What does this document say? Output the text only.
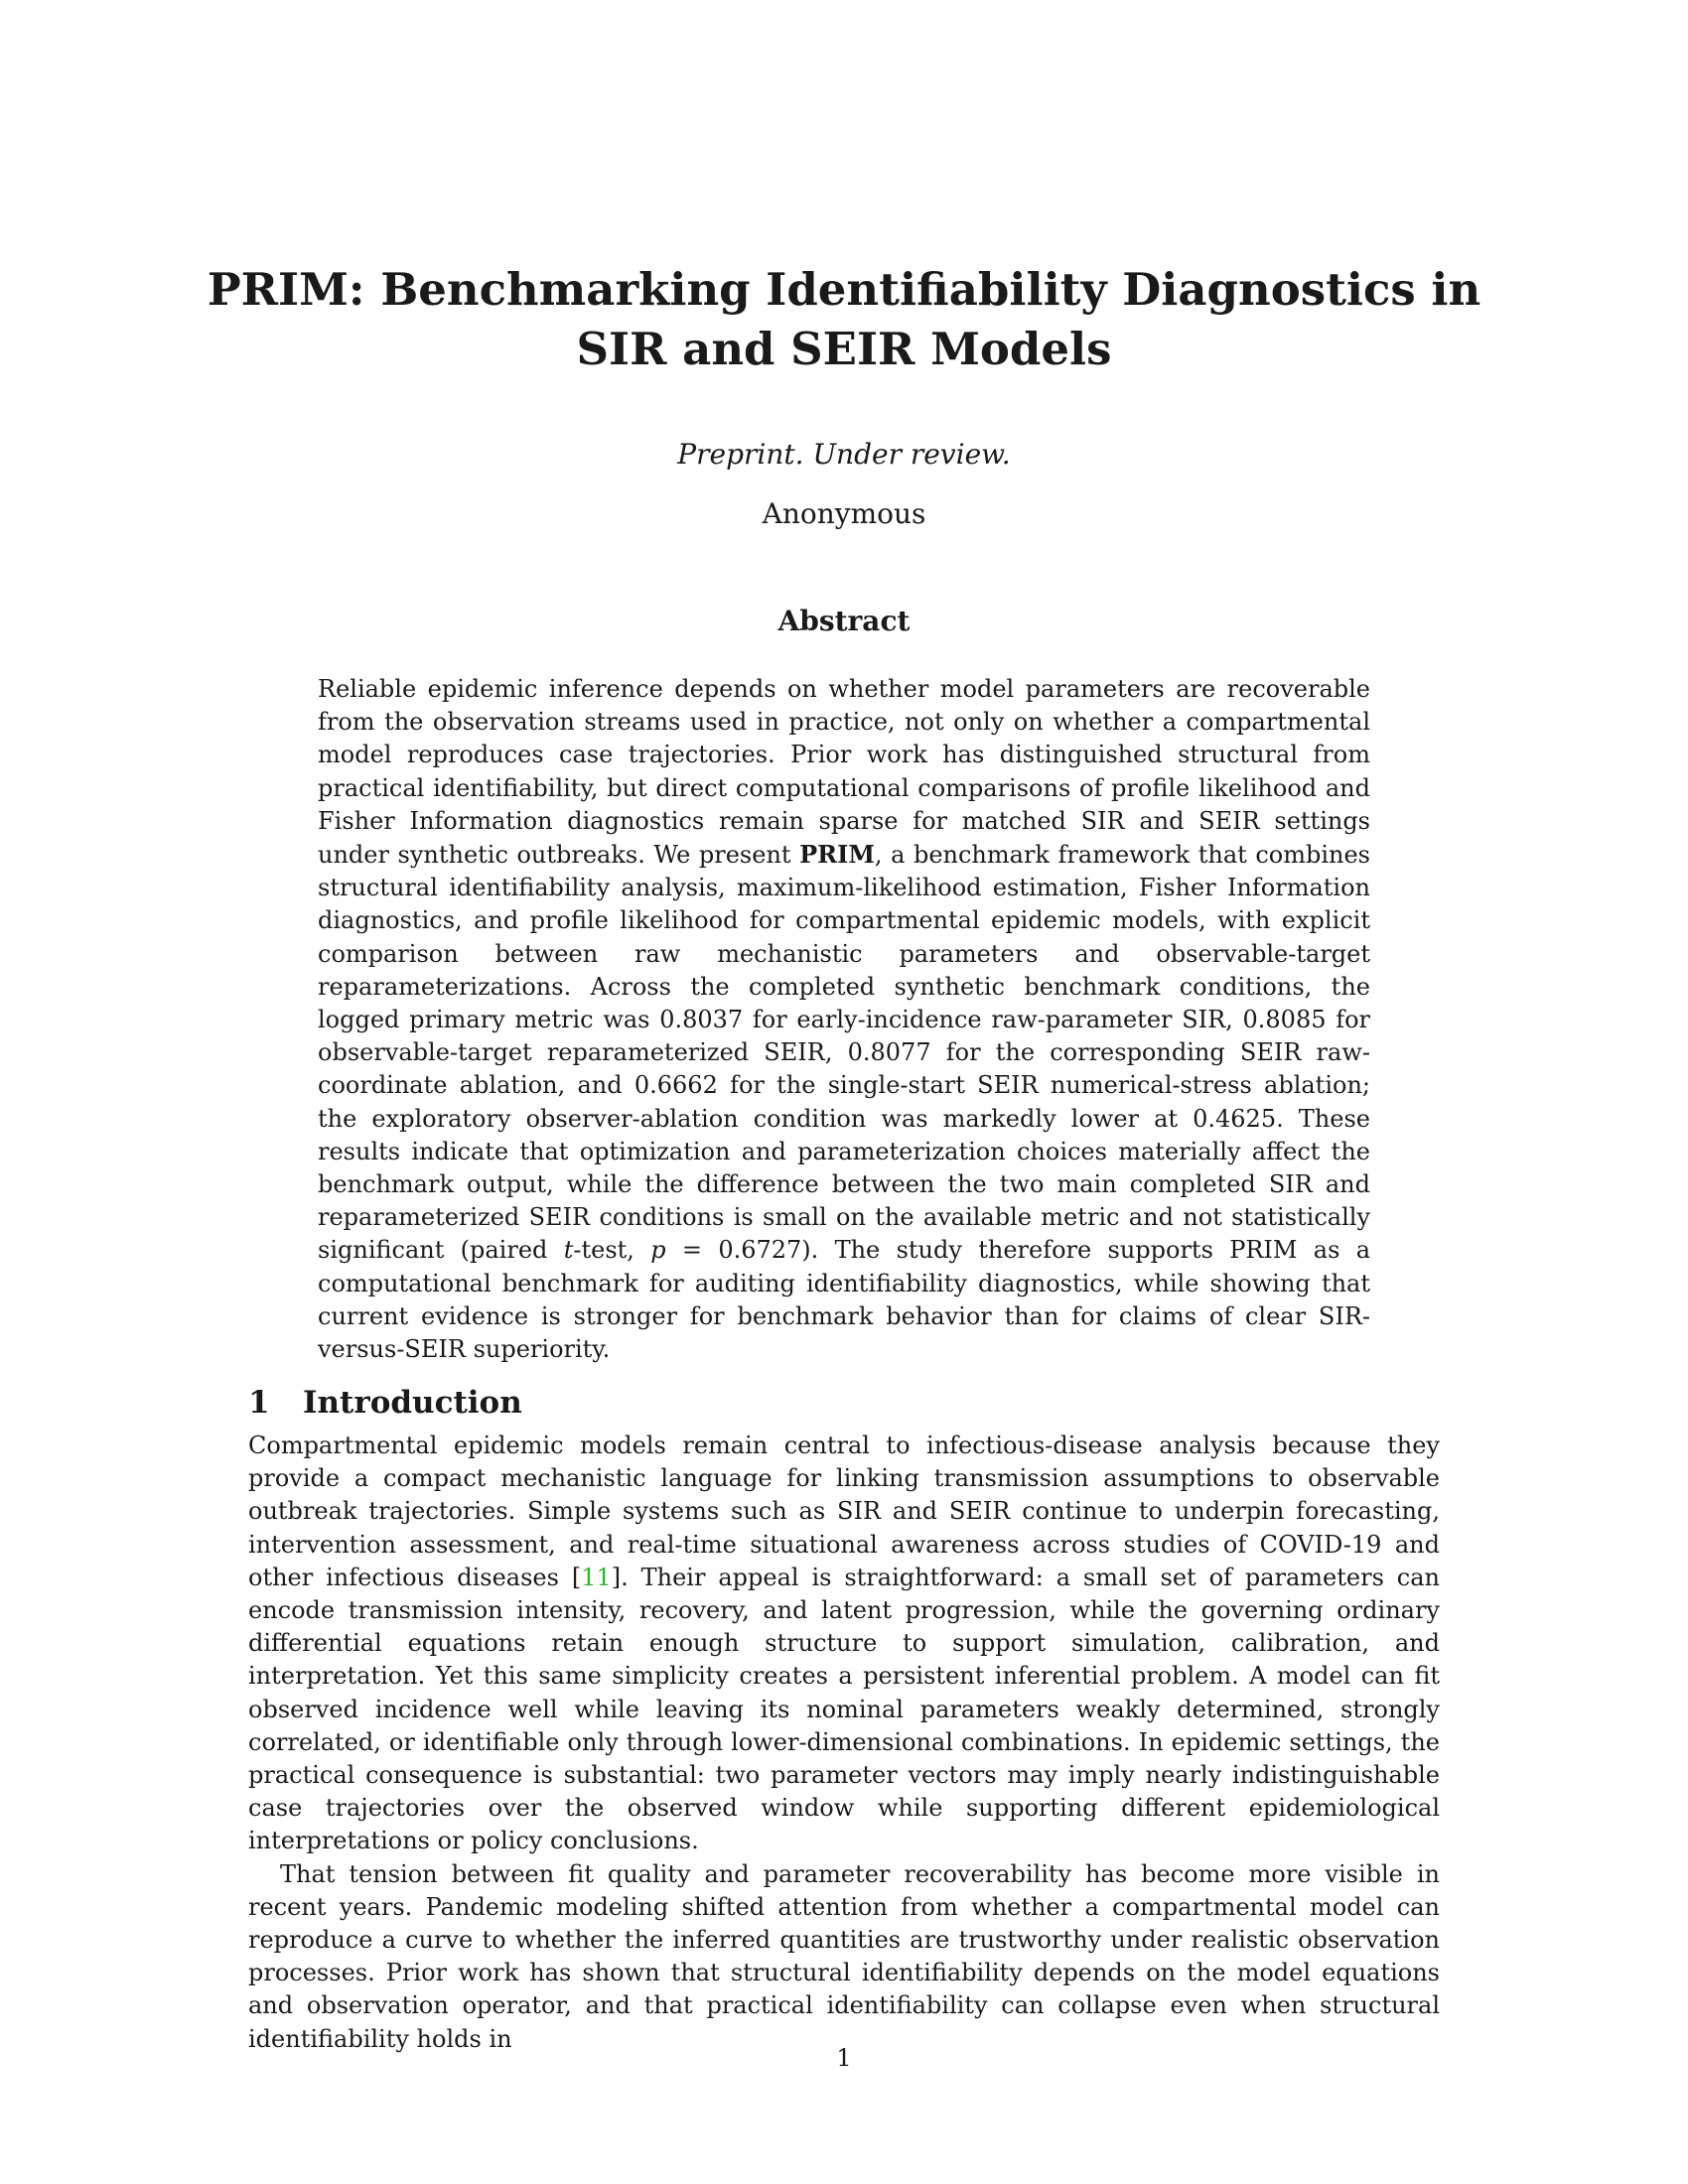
PRIM: Benchmarking Identifiability Diagnostics in
SIR and SEIR Models

Preprint. Under review.

Anonymous

Abstract

Reliable epidemic inference depends on whether model parameters are recoverable from the observation streams used in practice, not only on whether a compartmental model reproduces case trajectories. Prior work has distinguished structural from practical identifiability, but direct computational comparisons of profile likelihood and Fisher Information diagnostics remain sparse for matched SIR and SEIR settings under synthetic outbreaks. We present PRIM, a benchmark framework that combines structural identifiability analysis, maximum-likelihood estimation, Fisher Information diagnostics, and profile likelihood for compartmental epidemic models, with explicit comparison between raw mechanistic parameters and observable-target reparameterizations. Across the completed synthetic benchmark conditions, the logged primary metric was 0.8037 for early-incidence raw-parameter SIR, 0.8085 for observable-target reparameterized SEIR, 0.8077 for the corresponding SEIR raw-coordinate ablation, and 0.6662 for the single-start SEIR numerical-stress ablation; the exploratory observer-ablation condition was markedly lower at 0.4625. These results indicate that optimization and parameterization choices materially affect the benchmark output, while the difference between the two main completed SIR and reparameterized SEIR conditions is small on the available metric and not statistically significant (paired t-test, p = 0.6727). The study therefore supports PRIM as a computational benchmark for auditing identifiability diagnostics, while showing that current evidence is stronger for benchmark behavior than for claims of clear SIR-versus-SEIR superiority.

1 Introduction

Compartmental epidemic models remain central to infectious-disease analysis because they provide a compact mechanistic language for linking transmission assumptions to observable outbreak trajectories. Simple systems such as SIR and SEIR continue to underpin forecasting, intervention assessment, and real-time situational awareness across studies of COVID-19 and other infectious diseases [11]. Their appeal is straightforward: a small set of parameters can encode transmission intensity, recovery, and latent progression, while the governing ordinary differential equations retain enough structure to support simulation, calibration, and interpretation. Yet this same simplicity creates a persistent inferential problem. A model can fit observed incidence well while leaving its nominal parameters weakly determined, strongly correlated, or identifiable only through lower-dimensional combinations. In epidemic settings, the practical consequence is substantial: two parameter vectors may imply nearly indistinguishable case trajectories over the observed window while supporting different epidemiological interpretations or policy conclusions.

That tension between fit quality and parameter recoverability has become more visible in recent years. Pandemic modeling shifted attention from whether a compartmental model can reproduce a curve to whether the inferred quantities are trustworthy under realistic observation processes. Prior work has shown that structural identifiability depends on the model equations and observation operator, and that practical identifiability can collapse even when structural identifiability holds in

1
